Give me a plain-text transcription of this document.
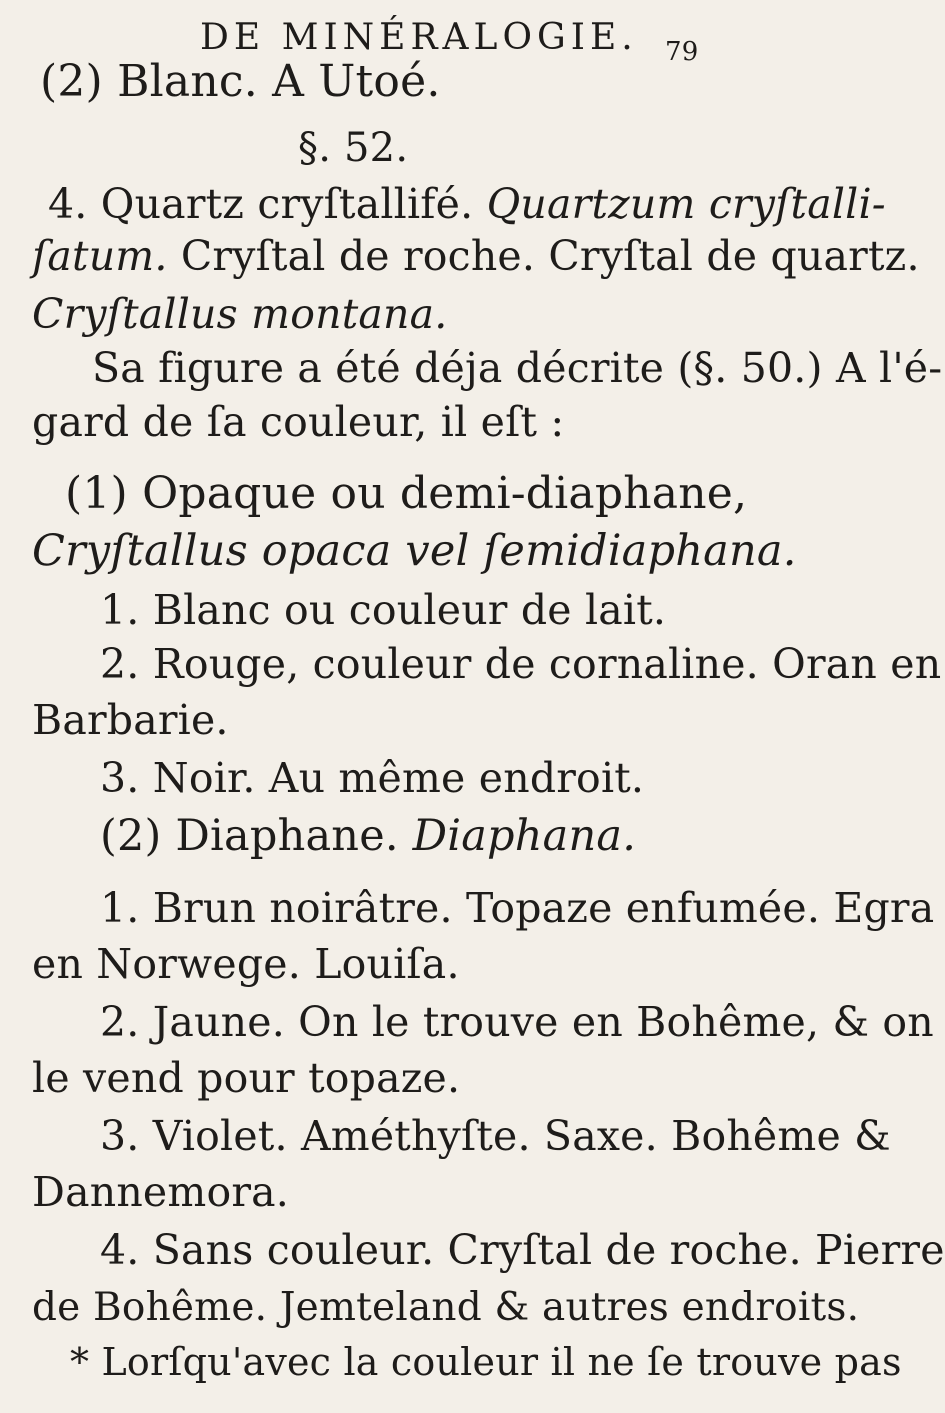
DE MINÉRALOGIE. 79
(2) Blanc. A Utoé.
§. 52.
4. Quartz cryſtallifé. Quartzum cryſtalli-
ſatum. Cryſtal de roche. Cryſtal de quartz.
Cryſtallus montana.
Sa figure a été déja décrite (§. 50.) A l'é-
gard de ſa couleur, il eſt :
(1) Opaque ou demi-diaphane,
Cryſtallus opaca vel ſemidiaphana.
1. Blanc ou couleur de lait.
2. Rouge, couleur de cornaline. Oran en
Barbarie.
3. Noir. Au même endroit.
(2) Diaphane. Diaphana.
1. Brun noirâtre. Topaze enfumée. Egra
en Norwege. Louiſa.
2. Jaune. On le trouve en Bohême, & on
le vend pour topaze.
3. Violet. Améthyſte. Saxe. Bohême &
Dannemora.
4. Sans couleur. Cryſtal de roche. Pierre
de Bohême. Jemteland & autres endroits.
* Lorſqu'avec la couleur il ne ſe trouve pas
